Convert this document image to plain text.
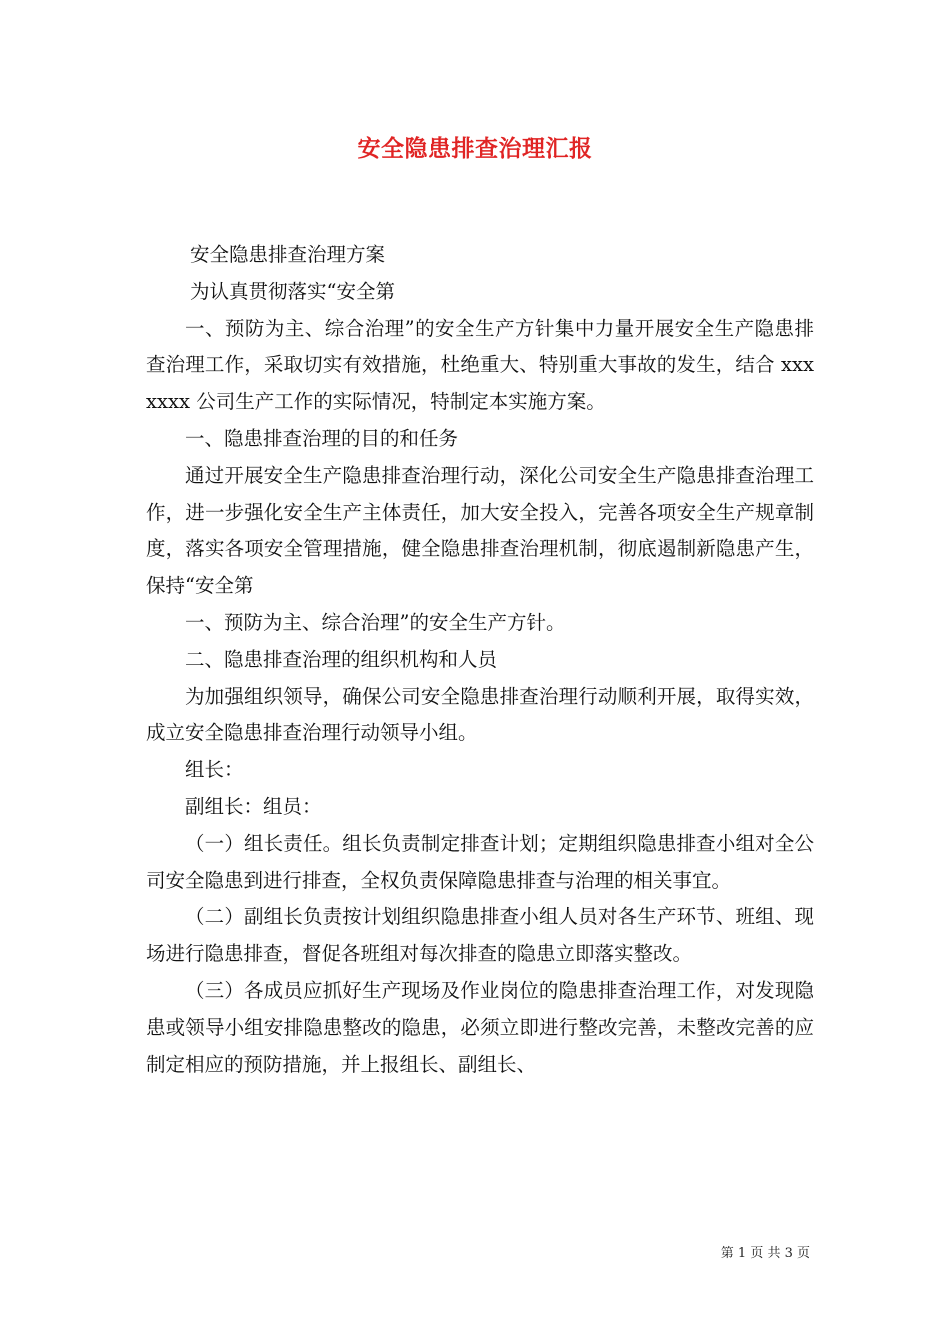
安全隐患排查治理汇报

安全隐患排查治理方案

为认真贯彻落实“安全第

一、预防为主、综合治理”的安全生产方针集中力量开展安全生产隐患排查治理工作，采取切实有效措施，杜绝重大、特别重大事故的发生，结合 xxxxxxx 公司生产工作的实际情况，特制定本实施方案。

一、隐患排查治理的目的和任务

通过开展安全生产隐患排查治理行动，深化公司安全生产隐患排查治理工作，进一步强化安全生产主体责任，加大安全投入，完善各项安全生产规章制度，落实各项安全管理措施，健全隐患排查治理机制，彻底遏制新隐患产生，保持“安全第

一、预防为主、综合治理”的安全生产方针。

二、隐患排查治理的组织机构和人员

为加强组织领导，确保公司安全隐患排查治理行动顺利开展，取得实效，成立安全隐患排查治理行动领导小组。

组长：

副组长：组员：

（一）组长责任。组长负责制定排查计划；定期组织隐患排查小组对全公司安全隐患到进行排查，全权负责保障隐患排查与治理的相关事宜。

（二）副组长负责按计划组织隐患排查小组人员对各生产环节、班组、现场进行隐患排查，督促各班组对每次排查的隐患立即落实整改。

（三）各成员应抓好生产现场及作业岗位的隐患排查治理工作，对发现隐患或领导小组安排隐患整改的隐患，必须立即进行整改完善，未整改完善的应制定相应的预防措施，并上报组长、副组长、

第 1 页 共 3 页
